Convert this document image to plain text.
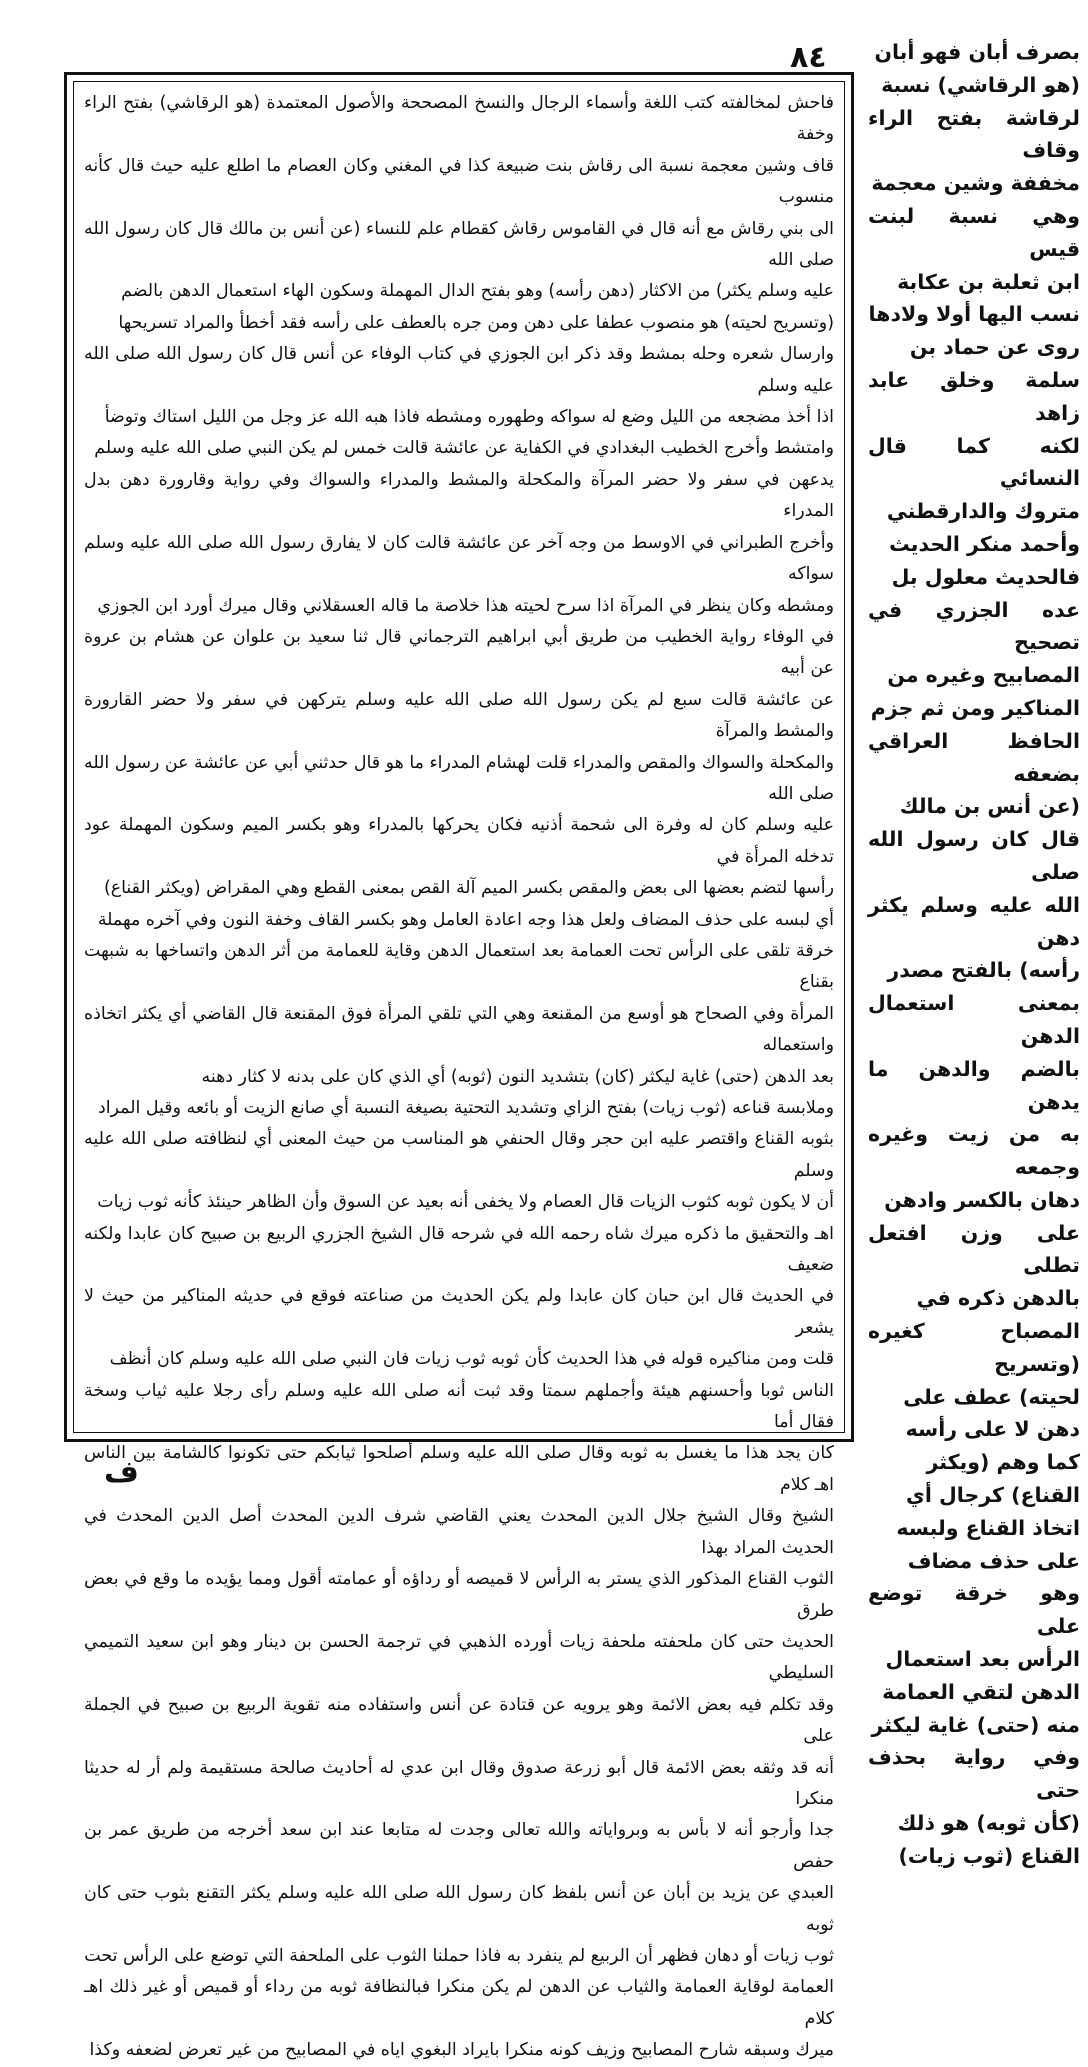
٨٤

فاحش لمخالفته كتب اللغة وأسماء الرجال والنسخ المصححة والأصول المعتمدة (هو الرقاشي) بفتح الراء وخفة

قاف وشين معجمة نسبة الى رقاش بنت ضبيعة كذا في المغني وكان العصام ما اطلع عليه حيث قال كأنه منسوب

الى بني رقاش مع أنه قال في القاموس رقاش كقطام علم للنساء (عن أنس بن مالك قال كان رسول الله صلى الله

عليه وسلم يكثر) من الاكثار (دهن رأسه) وهو بفتح الدال المهملة وسكون الهاء استعمال الدهن بالضم

(وتسريح لحيته) هو منصوب عطفا على دهن ومن جره بالعطف على رأسه فقد أخطأ والمراد تسريحها

وارسال شعره وحله بمشط وقد ذكر ابن الجوزي في كتاب الوفاء عن أنس قال كان رسول الله صلى الله عليه وسلم

اذا أخذ مضجعه من الليل وضع له سواكه وطهوره ومشطه فاذا هبه الله عز وجل من الليل استاك وتوضأ

وامتشط وأخرج الخطيب البغدادي في الكفاية عن عائشة قالت خمس لم يكن النبي صلى الله عليه وسلم

يدعهن في سفر ولا حضر المرآة والمكحلة والمشط والمدراء والسواك وفي رواية وقارورة دهن بدل المدراء

وأخرج الطبراني في الاوسط من وجه آخر عن عائشة قالت كان لا يفارق رسول الله صلى الله عليه وسلم سواكه

ومشطه وكان ينظر في المرآة اذا سرح لحيته هذا خلاصة ما قاله العسقلاني وقال ميرك أورد ابن الجوزي

في الوفاء رواية الخطيب من طريق أبي ابراهيم الترجماني قال ثنا سعيد بن علوان عن هشام بن عروة عن أبيه

عن عائشة قالت سبع لم يكن رسول الله صلى الله عليه وسلم يتركهن في سفر ولا حضر القارورة والمشط والمرآة

والمكحلة والسواك والمقص والمدراء قلت لهشام المدراء ما هو قال حدثني أبي عن عائشة عن رسول الله صلى الله

عليه وسلم كان له وفرة الى شحمة أذنيه فكان يحركها بالمدراء وهو بكسر الميم وسكون المهملة عود تدخله المرأة في

رأسها لتضم بعضها الى بعض والمقص بكسر الميم آلة القص بمعنى القطع وهي المقراض (ويكثر القناع)

أي لبسه على حذف المضاف ولعل هذا وجه اعادة العامل وهو بكسر القاف وخفة النون وفي آخره مهملة

خرقة تلقى على الرأس تحت العمامة بعد استعمال الدهن وقاية للعمامة من أثر الدهن واتساخها به شبهت بقناع

المرأة وفي الصحاح هو أوسع من المقنعة وهي التي تلقي المرأة فوق المقنعة قال القاضي أي يكثر اتخاذه واستعماله

بعد الدهن (حتى) غاية ليكثر (كان) بتشديد النون (ثوبه) أي الذي كان على بدنه لا كثار دهنه

وملابسة قناعه (ثوب زيات) بفتح الزاي وتشديد التحتية بصيغة النسبة أي صانع الزيت أو بائعه وقيل المراد

بثوبه القناع واقتصر عليه ابن حجر وقال الحنفي هو المناسب من حيث المعنى أي لنظافته صلى الله عليه وسلم

أن لا يكون ثوبه كثوب الزيات قال العصام ولا يخفى أنه بعيد عن السوق وأن الظاهر حينئذ كأنه ثوب زيات

اهـ والتحقيق ما ذكره ميرك شاه رحمه الله في شرحه قال الشيخ الجزري الربيع بن صبيح كان عابدا ولكنه ضعيف

في الحديث قال ابن حبان كان عابدا ولم يكن الحديث من صناعته فوقع في حديثه المناكير من حيث لا يشعر

قلت ومن مناكيره قوله في هذا الحديث كأن ثوبه ثوب زيات فان النبي صلى الله عليه وسلم كان أنظف

الناس ثوبا وأحسنهم هيئة وأجملهم سمتا وقد ثبت أنه صلى الله عليه وسلم رأى رجلا عليه ثياب وسخة فقال أما

كان يجد هذا ما يغسل به ثوبه وقال صلى الله عليه وسلم أصلحوا ثيابكم حتى تكونوا كالشامة بين الناس اهـ كلام

الشيخ وقال الشيخ جلال الدين المحدث يعني القاضي شرف الدين المحدث أصل الدين المحدث في الحديث المراد بهذا

الثوب القناع المذكور الذي يستر به الرأس لا قميصه أو رداؤه أو عمامته أقول ومما يؤيده ما وقع في بعض طرق

الحديث حتى كان ملحفته ملحفة زيات أورده الذهبي في ترجمة الحسن بن دينار وهو ابن سعيد التميمي السليطي

وقد تكلم فيه بعض الائمة وهو يرويه عن قتادة عن أنس واستفاده منه تقوية الربيع بن صبيح في الجملة على

أنه قد وثقه بعض الائمة قال أبو زرعة صدوق وقال ابن عدي له أحاديث صالحة مستقيمة ولم أر له حديثا منكرا

جدا وأرجو أنه لا بأس به وبرواياته والله تعالى وجدت له متابعا عند ابن سعد أخرجه من طريق عمر بن حفص

العبدي عن يزيد بن أبان عن أنس بلفظ كان رسول الله صلى الله عليه وسلم يكثر التقنع بثوب حتى كان ثوبه

ثوب زيات أو دهان فظهر أن الربيع لم ينفرد به فاذا حملنا الثوب على الملحفة التي توضع على الرأس تحت

العمامة لوقاية العمامة والثياب عن الدهن لم يكن منكرا فبالنظافة ثوبه من رداء أو قميص أو غير ذلك اهـ كلام

ميرك وسبقه شارح المصابيح وزيف كونه منكرا بايراد البغوي اياه في المصابيح من غير تعرض لضعفه وكذا

بصرف أبان فهو أبان

(هو الرقاشي) نسبة

لرقاشة بفتح الراء وقاف

مخففة وشين معجمة

وهي نسبة لبنت قيس

ابن ثعلبة بن عكابة

نسب اليها أولا ولادها

روى عن حماد بن

سلمة وخلق عابد زاهد

لكنه كما قال النسائي

متروك والدارقطني

وأحمد منكر الحديث

فالحديث معلول بل

عده الجزري في تصحيح

المصابيح وغيره من

المناكير ومن ثم جزم

الحافظ العراقي بضعفه

(عن أنس بن مالك

قال كان رسول الله صلى

الله عليه وسلم يكثر دهن

رأسه) بالفتح مصدر

بمعنى استعمال الدهن

بالضم والدهن ما يدهن

به من زيت وغيره وجمعه

دهان بالكسر وادهن

على وزن افتعل تطلى

بالدهن ذكره في

المصباح كغيره (وتسريح

لحيته) عطف على

دهن لا على رأسه

كما وهم (ويكثر

القناع) كرجال أي

اتخاذ القناع ولبسه

على حذف مضاف

وهو خرقة توضع على

الرأس بعد استعمال

الدهن لتقي العمامة

منه (حتى) غاية ليكثر

وفي رواية بحذف حتى

(كأن ثوبه) هو ذلك

القناع (ثوب زيات)

ف
